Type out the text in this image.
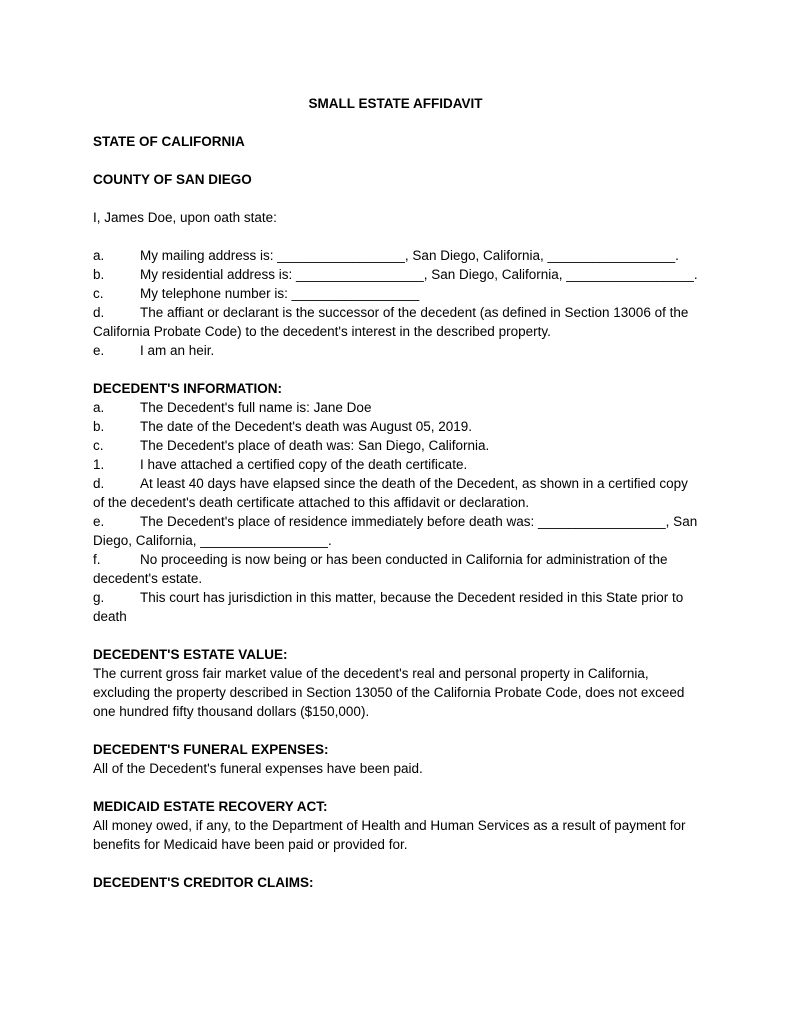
SMALL ESTATE AFFIDAVIT

STATE OF CALIFORNIA

COUNTY OF SAN DIEGO

I, James Doe, upon oath state:

a.	My mailing address is: _________________, San Diego, California, _________________.

b.	My residential address is: _________________, San Diego, California, _________________.

c.	My telephone number is: _________________

d.	The affiant or declarant is the successor of the decedent (as defined in Section 13006 of the California Probate Code) to the decedent's interest in the described property.

e.	I am an heir.

DECEDENT'S INFORMATION:

a.	The Decedent's full name is: Jane Doe

b.	The date of the Decedent's death was August 05, 2019.

c.	The Decedent's place of death was: San Diego, California.

1.	I have attached a certified copy of the death certificate.

d.	At least 40 days have elapsed since the death of the Decedent, as shown in a certified copy of the decedent's death certificate attached to this affidavit or declaration.

e.	The Decedent's place of residence immediately before death was: _________________, San Diego, California, _________________.

f.	No proceeding is now being or has been conducted in California for administration of the decedent's estate.

g.	This court has jurisdiction in this matter, because the Decedent resided in this State prior to death

DECEDENT'S ESTATE VALUE:

The current gross fair market value of the decedent's real and personal property in California, excluding the property described in Section 13050 of the California Probate Code, does not exceed one hundred fifty thousand dollars ($150,000).

DECEDENT'S FUNERAL EXPENSES:

All of the Decedent's funeral expenses have been paid.

MEDICAID ESTATE RECOVERY ACT:

All money owed, if any, to the Department of Health and Human Services as a result of payment for benefits for Medicaid have been paid or provided for.

DECEDENT'S CREDITOR CLAIMS:
